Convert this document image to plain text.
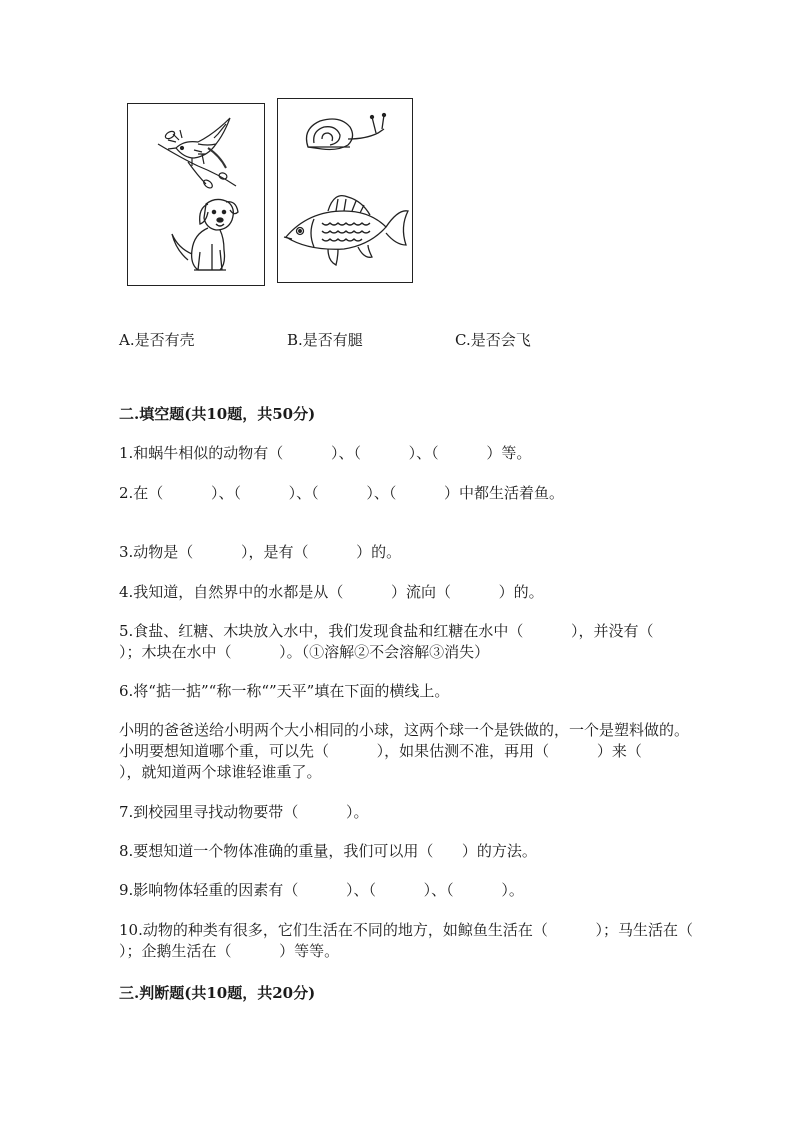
A.是否有壳	B.是否有腿	C.是否会飞
二.填空题(共10题，共50分)
1.和蜗牛相似的动物有（          ）、（          ）、（          ）等。
2.在（          ）、（          ）、（          ）、（          ）中都生活着鱼。
3.动物是（          ），是有（          ）的。
4.我知道，自然界中的水都是从（          ）流向（          ）的。
5.食盐、红糖、木块放入水中，我们发现食盐和红糖在水中（          ），并没有（          ）；木块在水中（          ）。（①溶解②不会溶解③消失）
6.将“掂一掂”“称一称“”天平”填在下面的横线上。
小明的爸爸送给小明两个大小相同的小球，这两个球一个是铁做的，一个是塑料做的。小明要想知道哪个重，可以先（          ），如果估测不准，再用（          ）来（          ），就知道两个球谁轻谁重了。
7.到校园里寻找动物要带（          ）。
8.要想知道一个物体准确的重量，我们可以用（      ）的方法。
9.影响物体轻重的因素有（          ）、（          ）、（          ）。
10.动物的种类有很多，它们生活在不同的地方，如鲸鱼生活在（          ）；马生活在（          ）；企鹅生活在（          ）等等。
三.判断题(共10题，共20分)
